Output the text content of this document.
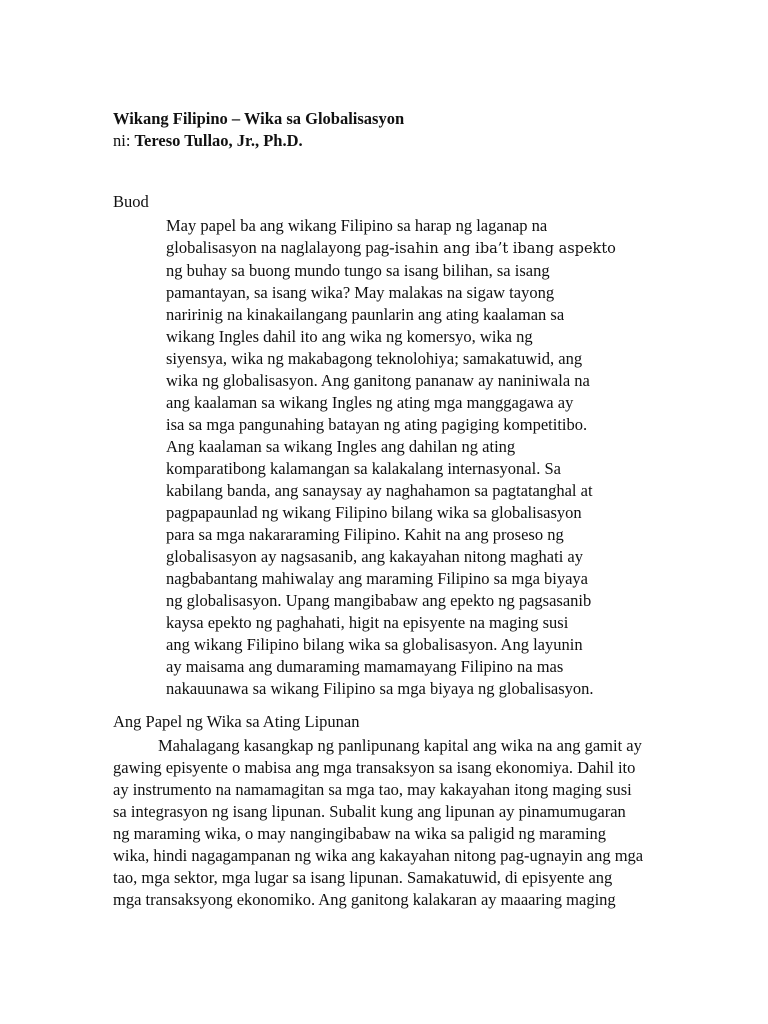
Wikang Filipino – Wika sa Globalisasyon
ni: Tereso Tullao, Jr., Ph.D.
Buod
May papel ba ang wikang Filipino sa harap ng laganap na
globalisasyon na naglalayong pag-isahin ang iba’t ibang aspekto
ng buhay sa buong mundo tungo sa isang bilihan, sa isang
pamantayan, sa isang wika? May malakas na sigaw tayong
naririnig na kinakailangang paunlarin ang ating kaalaman sa
wikang Ingles dahil ito ang wika ng komersyo, wika ng
siyensya, wika ng makabagong teknolohiya; samakatuwid, ang
wika ng globalisasyon. Ang ganitong pananaw ay naniniwala na
ang kaalaman sa wikang Ingles ng ating mga manggagawa ay
isa sa mga pangunahing batayan ng ating pagiging kompetitibo.
Ang kaalaman sa wikang Ingles ang dahilan ng ating
komparatibong kalamangan sa kalakalang internasyonal. Sa
kabilang banda, ang sanaysay ay naghahamon sa pagtatanghal at
pagpapaunlad ng wikang Filipino bilang wika sa globalisasyon
para sa mga nakararaming Filipino. Kahit na ang proseso ng
globalisasyon ay nagsasanib, ang kakayahan nitong maghati ay
nagbabantang mahiwalay ang maraming Filipino sa mga biyaya
ng globalisasyon. Upang mangibabaw ang epekto ng pagsasanib
kaysa epekto ng paghahati, higit na episyente na maging susi
ang wikang Filipino bilang wika sa globalisasyon. Ang layunin
ay maisama ang dumaraming mamamayang Filipino na mas
nakauunawa sa wikang Filipino sa mga biyaya ng globalisasyon.
Ang Papel ng Wika sa Ating Lipunan
Mahalagang kasangkap ng panlipunang kapital ang wika na ang gamit ay
gawing episyente o mabisa ang mga transaksyon sa isang ekonomiya. Dahil ito
ay instrumento na namamagitan sa mga tao, may kakayahan itong maging susi
sa integrasyon ng isang lipunan. Subalit kung ang lipunan ay pinamumugaran
ng maraming wika, o may nangingibabaw na wika sa paligid ng maraming
wika, hindi nagagampanan ng wika ang kakayahan nitong pag-ugnayin ang mga
tao, mga sektor, mga lugar sa isang lipunan. Samakatuwid, di episyente ang
mga transaksyong ekonomiko. Ang ganitong kalakaran ay maaaring maging
